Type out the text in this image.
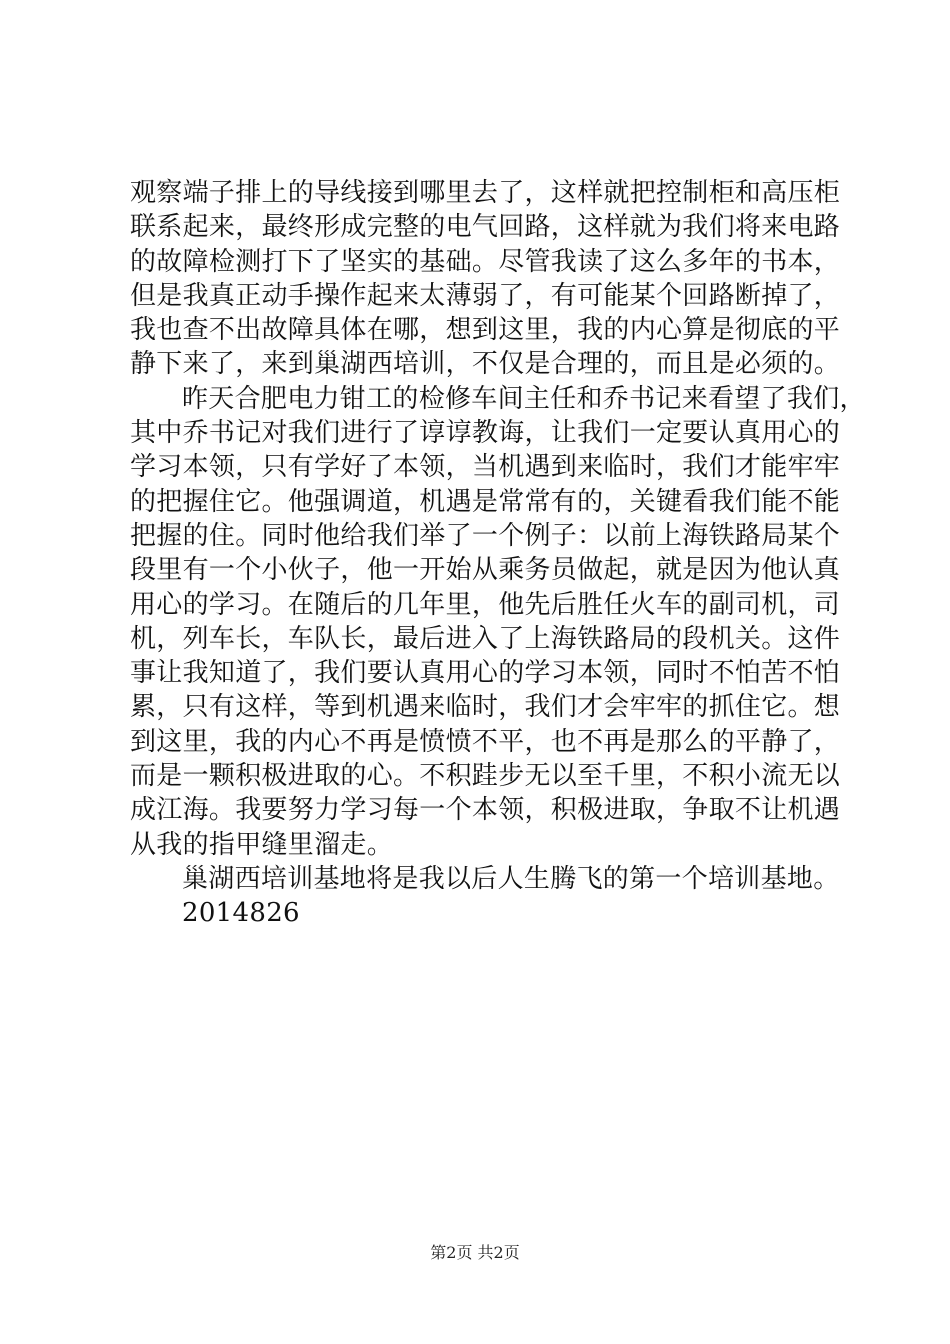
观察端子排上的导线接到哪里去了，这样就把控制柜和高压柜
联系起来，最终形成完整的电气回路，这样就为我们将来电路
的故障检测打下了坚实的基础。尽管我读了这么多年的书本，
但是我真正动手操作起来太薄弱了，有可能某个回路断掉了，
我也查不出故障具体在哪，想到这里，我的内心算是彻底的平
静下来了，来到巢湖西培训，不仅是合理的，而且是必须的。
昨天合肥电力钳工的检修车间主任和乔书记来看望了我们，
其中乔书记对我们进行了谆谆教诲，让我们一定要认真用心的
学习本领，只有学好了本领，当机遇到来临时，我们才能牢牢
的把握住它。他强调道，机遇是常常有的，关键看我们能不能
把握的住。同时他给我们举了一个例子：以前上海铁路局某个
段里有一个小伙子，他一开始从乘务员做起，就是因为他认真
用心的学习。在随后的几年里，他先后胜任火车的副司机，司
机，列车长，车队长，最后进入了上海铁路局的段机关。这件
事让我知道了，我们要认真用心的学习本领，同时不怕苦不怕
累，只有这样，等到机遇来临时，我们才会牢牢的抓住它。想
到这里，我的内心不再是愤愤不平，也不再是那么的平静了，
而是一颗积极进取的心。不积跬步无以至千里，不积小流无以
成江海。我要努力学习每一个本领，积极进取，争取不让机遇
从我的指甲缝里溜走。
巢湖西培训基地将是我以后人生腾飞的第一个培训基地。
2014826
第2页 共2页
